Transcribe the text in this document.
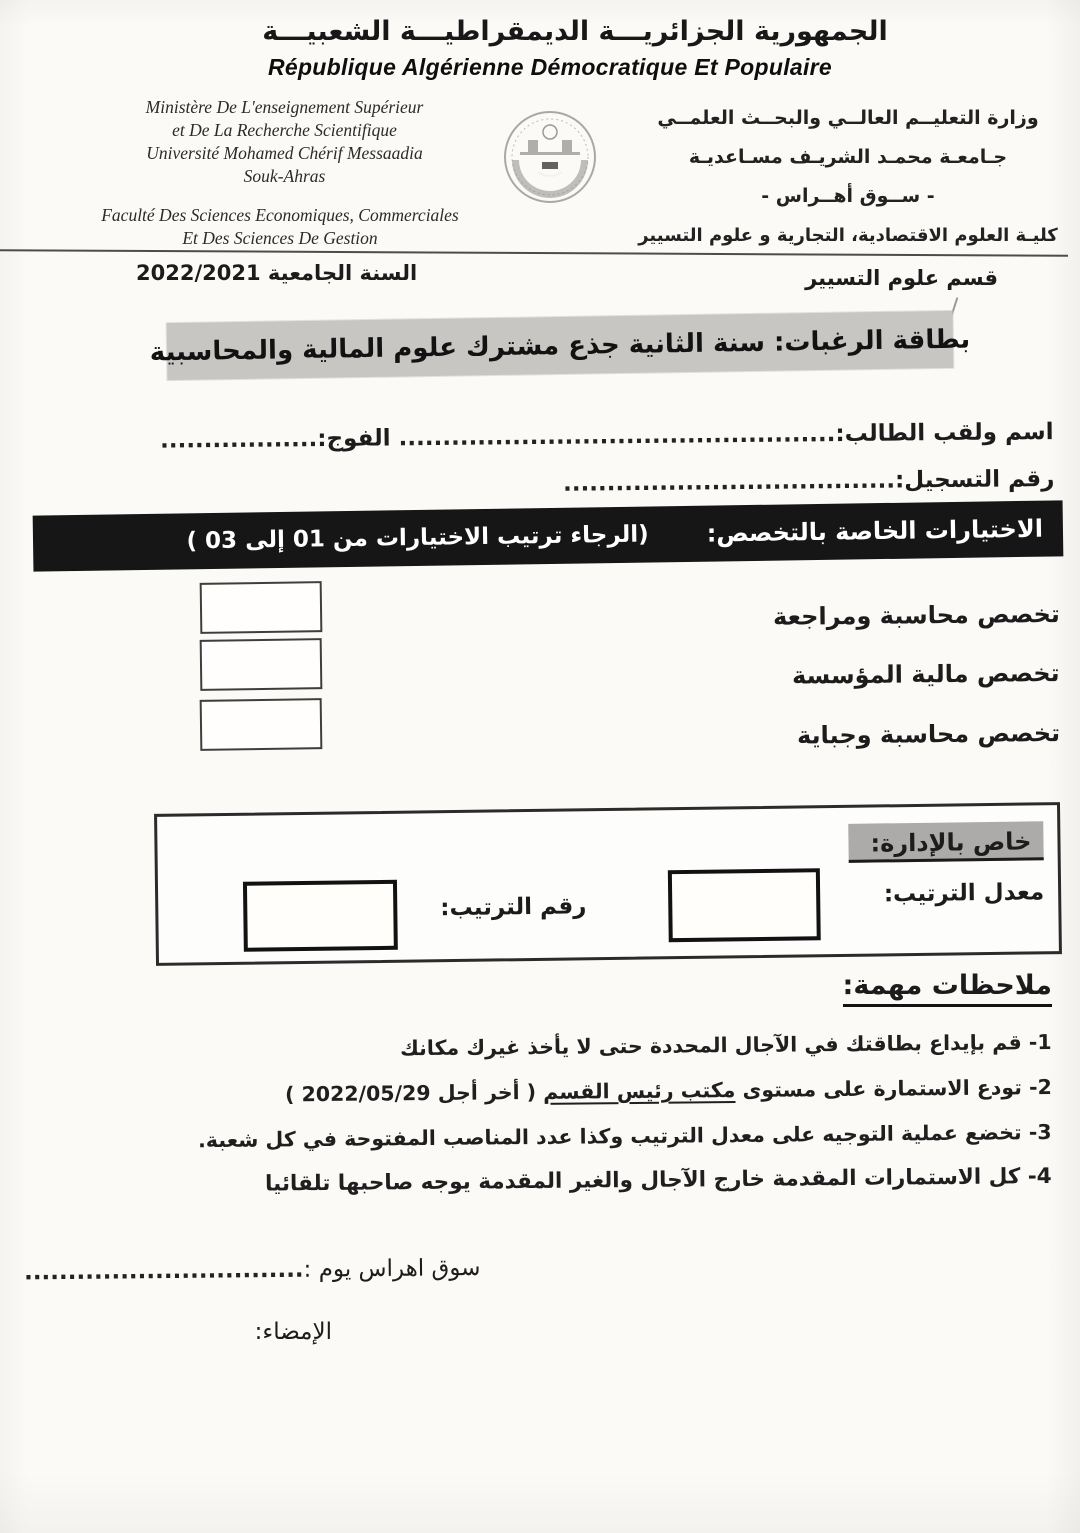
الجمهورية الجزائريـــة الديمقراطيـــة الشعبيـــة
République Algérienne Démocratique Et Populaire
Ministère De L'enseignement Supérieur
et De La Recherche Scientifique
Université Mohamed Chérif Messaadia
Souk-Ahras
وزارة التعليــم العالــي والبحــث العلمــي
جـامعـة محمـد الشريـف مسـاعديـة
- ســوق أهــراس -
كليـة العلوم الاقتصادية، التجارية و علوم التسيير
Faculté Des Sciences Economiques, Commerciales
Et Des Sciences De Gestion
السنة الجامعية 2022/2021	قسم علوم التسيير
بطاقة الرغبات: سنة الثانية جذع مشترك علوم المالية والمحاسبية
اسم ولقب الطالب:.................................................. الفوج:..................
رقم التسجيل:......................................
الاختيارات الخاصة بالتخصص:
(الرجاء ترتيب الاختيارات من 01 إلى 03 )
تخصص محاسبة ومراجعة
تخصص مالية المؤسسة
تخصص محاسبة وجباية
خاص بالإدارة:
معدل الترتيب:
رقم الترتيب:
ملاحظات مهمة:
1- قم بإيداع بطاقتك في الآجال المحددة حتى لا يأخذ غيرك مكانك
2- تودع الاستمارة على مستوى مكتب رئيس القسم ( أخر أجل 2022/05/29 )
3- تخضع عملية التوجيه على معدل الترتيب وكذا عدد المناصب المفتوحة في كل شعبة.
4- كل الاستمارات المقدمة خارج الآجال والغير المقدمة يوجه صاحبها تلقائيا
سوق اهراس يوم :................................
الإمضاء:
